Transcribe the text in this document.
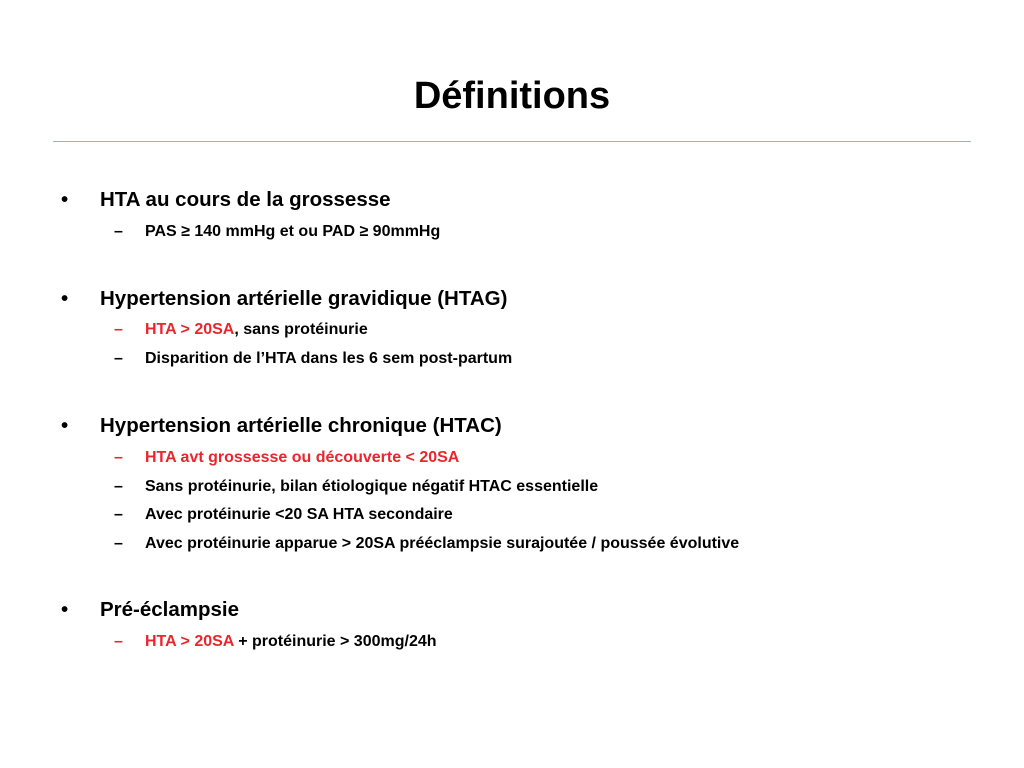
Définitions
•	HTA au cours de la grossesse
– PAS ≥ 140 mmHg et ou PAD ≥ 90mmHg
•	Hypertension artérielle gravidique (HTAG)
– HTA > 20SA, sans protéinurie
– Disparition de l’HTA dans les 6 sem post-partum
•	Hypertension artérielle chronique (HTAC)
– HTA avt grossesse ou découverte < 20SA
– Sans protéinurie, bilan étiologique négatif HTAC essentielle
– Avec protéinurie <20 SA HTA secondaire
– Avec protéinurie apparue > 20SA prééclampsie surajoutée / poussée évolutive
•	Pré-éclampsie
– HTA > 20SA + protéinurie > 300mg/24h
